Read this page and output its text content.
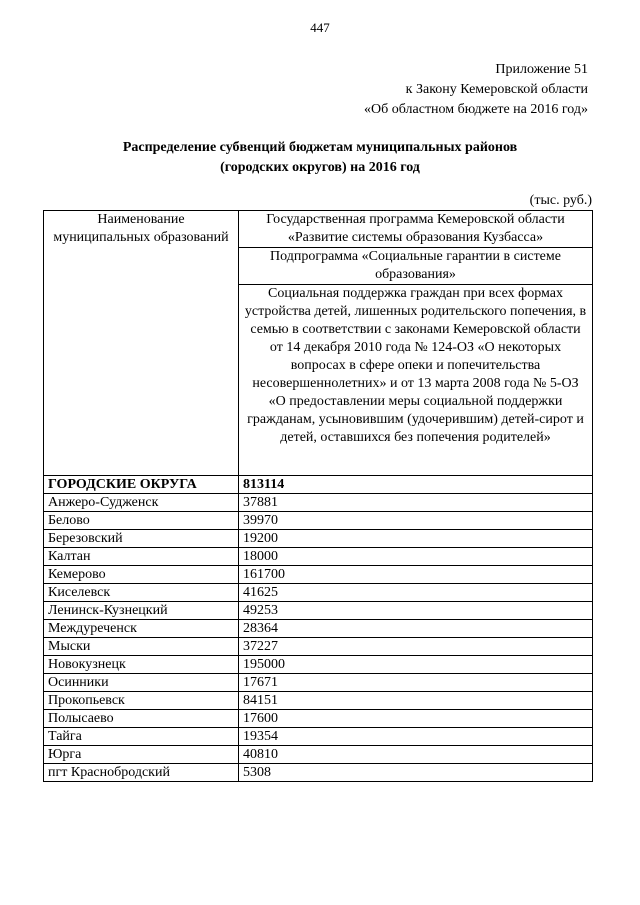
447
Приложение 51
к Закону Кемеровской области
«Об областном бюджете на 2016 год»
Распределение субвенций бюджетам муниципальных районов
(городских округов) на 2016 год
(тыс. руб.)
Наименование муниципальных образований	Государственная программа Кемеровской области «Развитие системы образования Кузбасса»
	Подпрограмма «Социальные гарантии в системе образования»
	Социальная поддержка граждан при всех формах устройства детей, лишенных родительского попечения, в семью в соответствии с законами Кемеровской области от 14 декабря 2010 года № 124-ОЗ «О некоторых вопросах в сфере опеки и попечительства несовершеннолетних» и от 13 марта 2008 года № 5-ОЗ «О предоставлении меры социальной поддержки гражданам, усыновившим (удочерившим) детей-сирот и детей, оставшихся без попечения родителей»
ГОРОДСКИЕ ОКРУГА	813114
Анжеро-Судженск	37881
Белово	39970
Березовский	19200
Калтан	18000
Кемерово	161700
Киселевск	41625
Ленинск-Кузнецкий	49253
Междуреченск	28364
Мыски	37227
Новокузнецк	195000
Осинники	17671
Прокопьевск	84151
Полысаево	17600
Тайга	19354
Юрга	40810
пгт Краснобродский	5308
